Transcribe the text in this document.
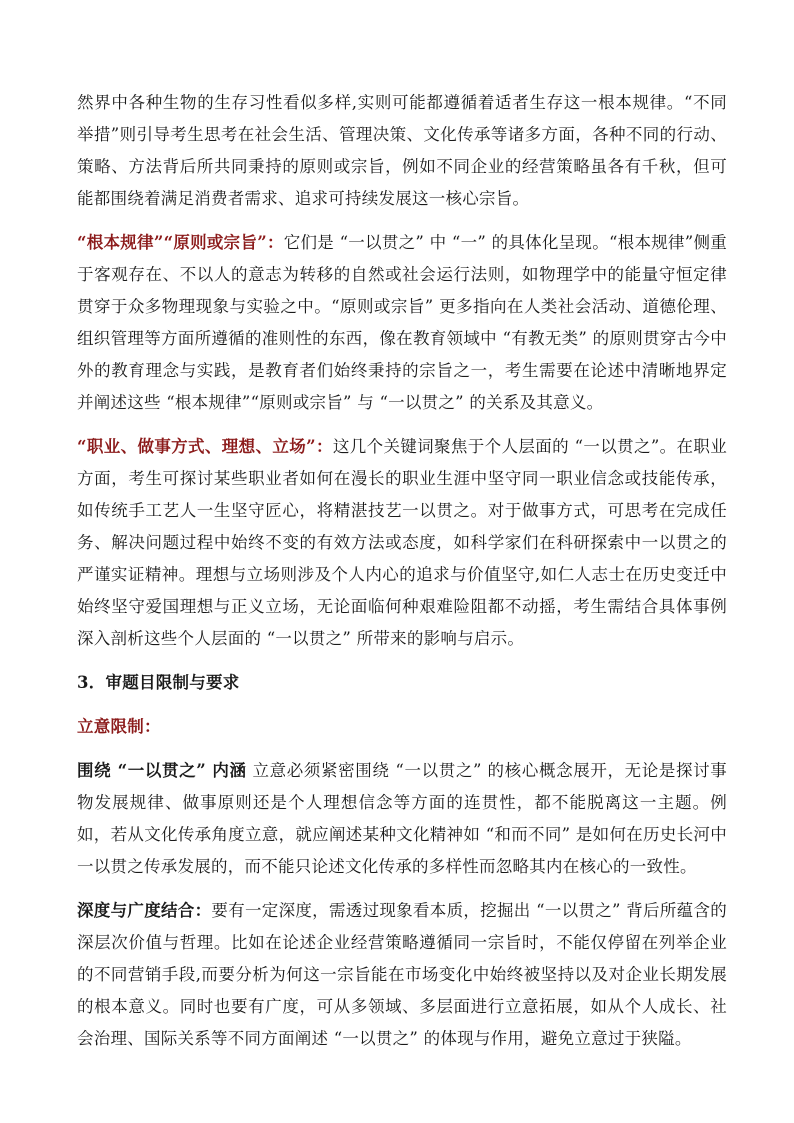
然界中各种生物的生存习性看似多样,实则可能都遵循着适者生存这一根本规律。“不同举措”则引导考生思考在社会生活、管理决策、文化传承等诸多方面，各种不同的行动、策略、方法背后所共同秉持的原则或宗旨，例如不同企业的经营策略虽各有千秋，但可能都围绕着满足消费者需求、追求可持续发展这一核心宗旨。

“根本规律”“原则或宗旨”：它们是 “一以贯之” 中 “一” 的具体化呈现。“根本规律”侧重于客观存在、不以人的意志为转移的自然或社会运行法则，如物理学中的能量守恒定律贯穿于众多物理现象与实验之中。“原则或宗旨” 更多指向在人类社会活动、道德伦理、组织管理等方面所遵循的准则性的东西，像在教育领域中 “有教无类” 的原则贯穿古今中外的教育理念与实践，是教育者们始终秉持的宗旨之一，考生需要在论述中清晰地界定并阐述这些 “根本规律”“原则或宗旨” 与 “一以贯之” 的关系及其意义。

“职业、做事方式、理想、立场”：这几个关键词聚焦于个人层面的 “一以贯之”。在职业方面，考生可探讨某些职业者如何在漫长的职业生涯中坚守同一职业信念或技能传承，如传统手工艺人一生坚守匠心，将精湛技艺一以贯之。对于做事方式，可思考在完成任务、解决问题过程中始终不变的有效方法或态度，如科学家们在科研探索中一以贯之的严谨实证精神。理想与立场则涉及个人内心的追求与价值坚守,如仁人志士在历史变迁中始终坚守爱国理想与正义立场，无论面临何种艰难险阻都不动摇，考生需结合具体事例深入剖析这些个人层面的 “一以贯之” 所带来的影响与启示。

3．审题目限制与要求

立意限制：

围绕 “一以贯之” 内涵 立意必须紧密围绕 “一以贯之” 的核心概念展开，无论是探讨事物发展规律、做事原则还是个人理想信念等方面的连贯性，都不能脱离这一主题。例如，若从文化传承角度立意，就应阐述某种文化精神如 “和而不同” 是如何在历史长河中一以贯之传承发展的，而不能只论述文化传承的多样性而忽略其内在核心的一致性。

深度与广度结合：要有一定深度，需透过现象看本质，挖掘出 “一以贯之” 背后所蕴含的深层次价值与哲理。比如在论述企业经营策略遵循同一宗旨时，不能仅停留在列举企业的不同营销手段,而要分析为何这一宗旨能在市场变化中始终被坚持以及对企业长期发展的根本意义。同时也要有广度，可从多领域、多层面进行立意拓展，如从个人成长、社会治理、国际关系等不同方面阐述 “一以贯之” 的体现与作用，避免立意过于狭隘。
